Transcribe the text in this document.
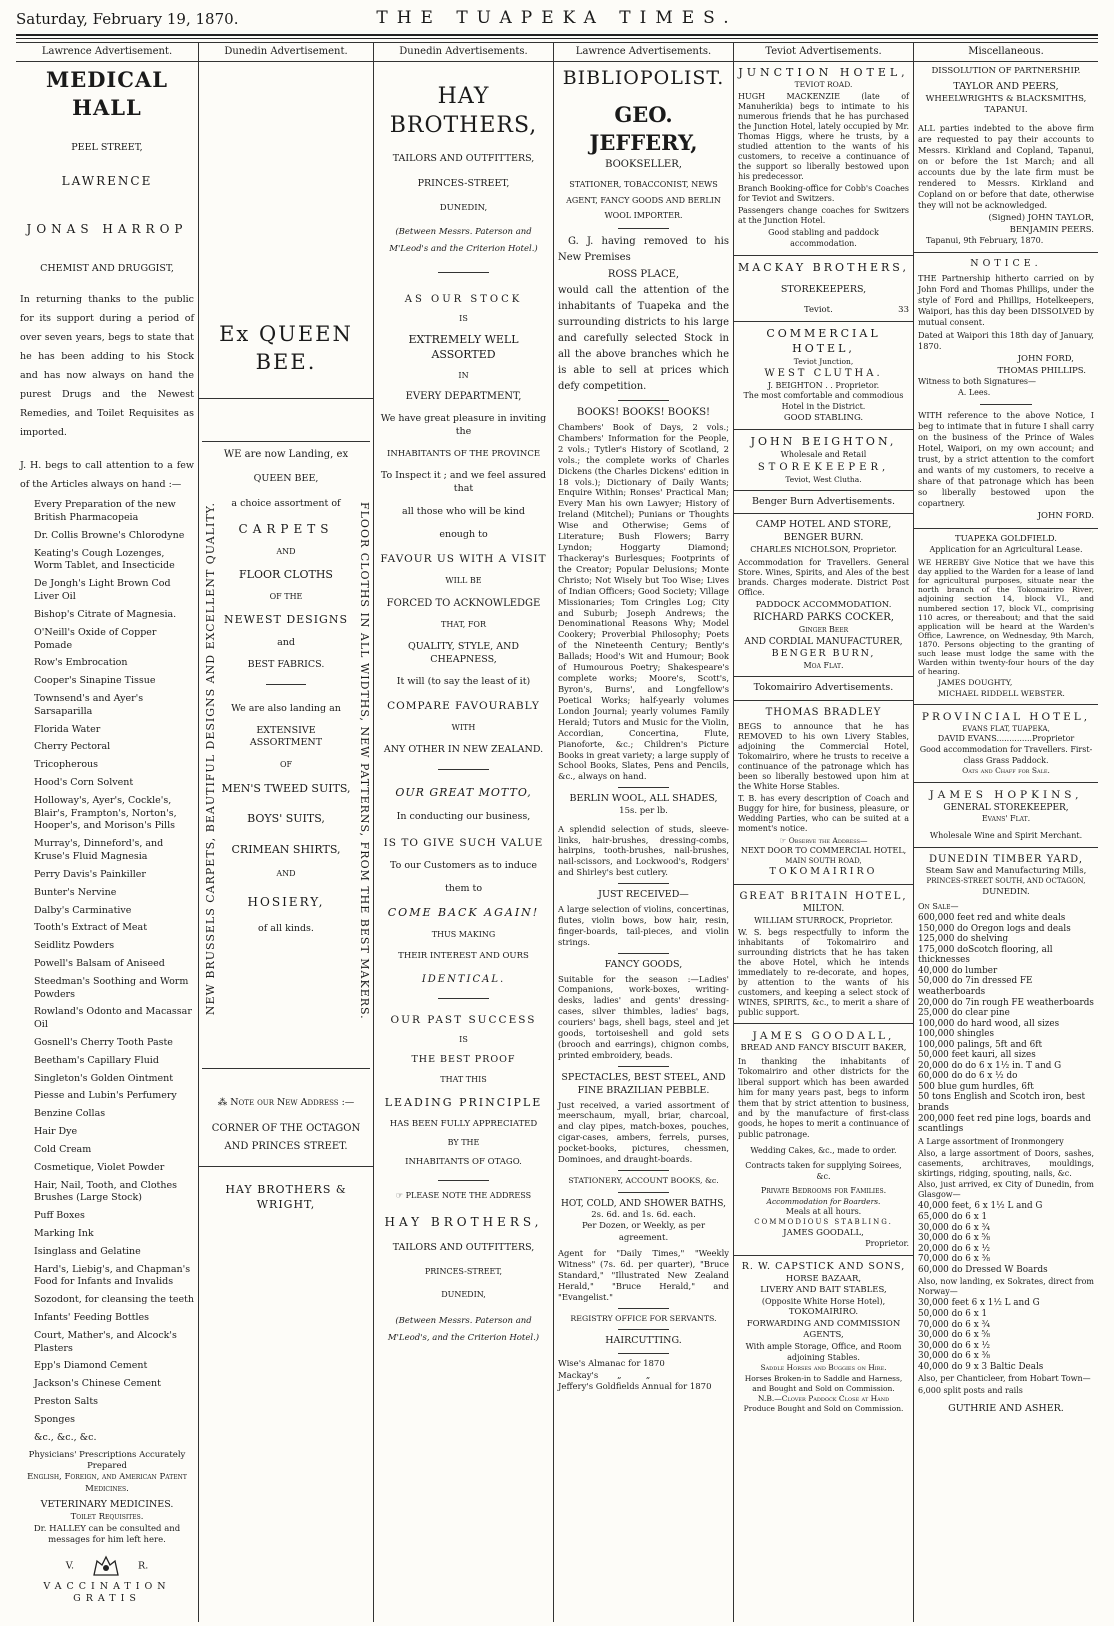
Saturday, February 19, 1870.	THE TUAPEKA TIMES.
Lawrence Advertisement.
MEDICAL HALL
PEEL STREET,
LAWRENCE
JONAS HARROP
CHEMIST AND DRUGGIST,

In returning thanks to the public for its support during a period of over seven years, begs to state that he has been adding to his Stock and has now always on hand the purest Drugs and the Newest Remedies, and Toilet Requisites as imported.

J. H. begs to call attention to a few of the Articles always on hand :—

Every Preparation of the new British Pharmacopeia
Dr. Collis Browne's Chlorodyne
Keating's Cough Lozenges, Worm Tablet, and Insecticide
De Jongh's Light Brown Cod Liver Oil
Bishop's Citrate of Magnesia.
O'Neill's Oxide of Copper Pomade
Row's Embrocation
Cooper's Sinapine Tissue
Townsend's and Ayer's Sarsaparilla
Florida Water
Cherry Pectoral
Tricopherous
Hood's Corn Solvent
Holloway's, Ayer's, Cockle's, Blair's, Frampton's, Norton's, Hooper's, and Morison's Pills
Murray's, Dinneford's, and Kruse's Fluid Magnesia
Perry Davis's Painkiller
Bunter's Nervine
Dalby's Carminative
Tooth's Extract of Meat
Seidlitz Powders
Powell's Balsam of Aniseed
Steedman's Soothing and Worm Powders
Rowland's Odonto and Macassar Oil
Gosnell's Cherry Tooth Paste
Beetham's Capillary Fluid
Singleton's Golden Ointment
Piesse and Lubin's Perfumery
Benzine Collas
Hair Dye
Cold Cream
Cosmetique, Violet Powder
Hair, Nail, Tooth, and Clothes Brushes (Large Stock)
Puff Boxes
Marking Ink
Isinglass and Gelatine
Hard's, Liebig's, and Chapman's Food for Infants and Invalids
Sozodont, for cleansing the teeth
Infants' Feeding Bottles
Court, Mather's, and Alcock's Plasters
Epp's Diamond Cement
Jackson's Chinese Cement
Preston Salts
Sponges
&c., &c., &c.
Physicians' Prescriptions Accurately Prepared
English, Foreign, and American Patent Medicines.
VETERINARY MEDICINES.
Toilet Requisites.
Dr. HALLEY can be consulted and messages for him left here.
V.	R.
VACCINATION GRATIS
Dunedin Advertisement.
Ex QUEEN BEE.
NEW BRUSSELS CARPETS, BEAUTIFUL DESIGNS AND EXCELLENT QUALITY.	FLOOR CLOTHS IN ALL WIDTHS, NEW PATTERNS, FROM THE BEST MAKERS.
WE are now Landing, ex
QUEEN BEE,
a choice assortment of
CARPETS
AND
FLOOR CLOTHS
OF THE
NEWEST DESIGNS
and
BEST FABRICS.
We are also landing an
EXTENSIVE ASSORTMENT
OF
MEN'S TWEED SUITS,
BOYS' SUITS,
CRIMEAN SHIRTS,
AND
HOSIERY,
of all kinds.
⁂ Note our New Address :—
CORNER OF THE OCTAGON AND PRINCES STREET.
HAY BROTHERS & WRIGHT,
Dunedin Advertisements.
HAY BROTHERS,
TAILORS AND OUTFITTERS,
PRINCES-STREET,
DUNEDIN,
(Between Messrs. Paterson and M'Leod's and the Criterion Hotel.)
AS OUR STOCK
IS
EXTREMELY WELL ASSORTED
IN
EVERY DEPARTMENT,
We have great pleasure in inviting the
INHABITANTS OF THE PROVINCE
To Inspect it ; and we feel assured that
all those who will be kind
enough to
FAVOUR US WITH A VISIT
WILL BE
FORCED TO ACKNOWLEDGE
THAT, FOR
QUALITY, STYLE, AND CHEAPNESS,
It will (to say the least of it)
COMPARE FAVOURABLY
WITH
ANY OTHER IN NEW ZEALAND.
OUR GREAT MOTTO,
In conducting our business,
IS TO GIVE SUCH VALUE
To our Customers as to induce
them to
COME BACK AGAIN!
THUS MAKING
THEIR INTEREST AND OURS
IDENTICAL.
OUR PAST SUCCESS
IS
THE BEST PROOF
THAT THIS
LEADING PRINCIPLE
HAS BEEN FULLY APPRECIATED
BY THE
INHABITANTS OF OTAGO.
☞ PLEASE NOTE THE ADDRESS
HAY BROTHERS,
TAILORS AND OUTFITTERS,
PRINCES-STREET,
DUNEDIN,
(Between Messrs. Paterson and M'Leod's, and the Criterion Hotel.)
Lawrence Advertisements.
BIBLIOPOLIST.
GEO. JEFFERY,
BOOKSELLER,
STATIONER, TOBACCONIST, NEWS AGENT, FANCY GOODS AND BERLIN WOOL IMPORTER.

G. J. having removed to his New Premises

ROSS PLACE,

would call the attention of the inhabitants of Tuapeka and the surrounding districts to his large and carefully selected Stock in all the above branches which he is able to sell at prices which defy competition.

BOOKS! BOOKS! BOOKS!

Chambers' Book of Days, 2 vols.; Chambers' Information for the People, 2 vols.; Tytler's History of Scotland, 2 vols.; the complete works of Charles Dickens (the Charles Dickens' edition in 18 vols.); Dictionary of Daily Wants; Enquire Within; Ronses' Practical Man; Every Man his own Lawyer; History of Ireland (Mitchel); Punians or Thoughts Wise and Otherwise; Gems of Literature; Bush Flowers; Barry Lyndon; Hoggarty Diamond; Thackeray's Burlesques; Footprints of the Creator; Popular Delusions; Monte Christo; Not Wisely but Too Wise; Lives of Indian Officers; Good Society; Village Missionaries; Tom Cringles Log; City and Suburb; Joseph Andrews; the Denominational Reasons Why; Model Cookery; Proverbial Philosophy; Poets of the Nineteenth Century; Bently's Ballads; Hood's Wit and Humour; Book of Humourous Poetry; Shakespeare's complete works; Moore's, Scott's, Byron's, Burns', and Longfellow's Poetical Works; half-yearly volumes London Journal; yearly volumes Family Herald; Tutors and Music for the Violin, Accordian, Concertina, Flute, Pianoforte, &c.; Children's Picture Books in great variety; a large supply of School Books, Slates, Pens and Pencils, &c., always on hand.

BERLIN WOOL, ALL SHADES,
15s. per lb.

A splendid selection of studs, sleeve-links, hair-brushes, dressing-combs, hairpins, tooth-brushes, nail-brushes, nail-scissors, and Lockwood's, Rodgers' and Shirley's best cutlery.

JUST RECEIVED—

A large selection of violins, concertinas, flutes, violin bows, bow hair, resin, finger-boards, tail-pieces, and violin strings.

FANCY GOODS,

Suitable for the season :—Ladies' Companions, work-boxes, writing-desks, ladies' and gents' dressing-cases, silver thimbles, ladies' bags, couriers' bags, shell bags, steel and jet goods, tortoiseshell and gold sets (brooch and earrings), chignon combs, printed embroidery, beads.

SPECTACLES, BEST STEEL, AND FINE BRAZILIAN PEBBLE.

Just received, a varied assortment of meerschaum, myall, briar, charcoal, and clay pipes, match-boxes, pouches, cigar-cases, ambers, ferrels, purses, pocket-books, pictures, chessmen, Dominoes, and draught-boards.

STATIONERY, ACCOUNT BOOKS, &c.
HOT, COLD, AND SHOWER BATHS,
2s. 6d. and 1s. 6d. each.
Per Dozen, or Weekly, as per agreement.

Agent for "Daily Times," "Weekly Witness" (7s. 6d. per quarter), "Bruce Standard," "Illustrated New Zealand Herald," "Bruce Herald," and "Evangelist."

REGISTRY OFFICE FOR SERVANTS.
HAIRCUTTING.
Wise's Almanac for 1870
Mackay's       „         „
Jeffery's Goldfields Annual for 1870
Teviot Advertisements.
JUNCTION HOTEL,
TEVIOT ROAD.

HUGH MACKENZIE (late of Manuherikia) begs to intimate to his numerous friends that he has purchased the Junction Hotel, lately occupied by Mr. Thomas Higgs, where he trusts, by a studied attention to the wants of his customers, to receive a continuance of the support so liberally bestowed upon his predecessor.

Branch Booking-office for Cobb's Coaches for Teviot and Switzers.

Passengers change coaches for Switzers at the Junction Hotel.

Good stabling and paddock accommodation.
MACKAY BROTHERS,
STOREKEEPERS,
Teviot.	33
COMMERCIAL HOTEL,
Teviot Junction,
WEST CLUTHA.
J. BEIGHTON . . Proprietor.
The most comfortable and commodious Hotel in the District.
GOOD STABLING.
JOHN BEIGHTON,
Wholesale and Retail
STOREKEEPER,
Teviot, West Clutha.
Benger Burn Advertisements.
CAMP HOTEL AND STORE, BENGER BURN.
CHARLES NICHOLSON, Proprietor.

Accommodation for Travellers. General Store. Wines, Spirits, and Ales of the best brands. Charges moderate. District Post Office.

PADDOCK ACCOMMODATION.
RICHARD PARKS COCKER,
Ginger Beer
AND CORDIAL MANUFACTURER,
BENGER BURN,
Moa Flat.
Tokomairiro Advertisements.
THOMAS BRADLEY

BEGS to announce that he has REMOVED to his own Livery Stables, adjoining the Commercial Hotel, Tokomairiro, where he trusts to receive a continuance of the patronage which has been so liberally bestowed upon him at the White Horse Stables.

T. B. has every description of Coach and Buggy for hire, for business, pleasure, or Wedding Parties, who can be suited at a moment's notice.

☞ Observe the Address—
NEXT DOOR TO COMMERCIAL HOTEL,
MAIN SOUTH ROAD,
TOKOMAIRIRO
GREAT BRITAIN HOTEL,
MILTON.
WILLIAM STURROCK, Proprietor.

W. S. begs respectfully to inform the inhabitants of Tokomairiro and surrounding districts that he has taken the above Hotel, which he intends immediately to re-decorate, and hopes, by attention to the wants of his customers, and keeping a select stock of WINES, SPIRITS, &c., to merit a share of public support.

JAMES GOODALL,
BREAD AND FANCY BISCUIT BAKER,

In thanking the inhabitants of Tokomairiro and other districts for the liberal support which has been awarded him for many years past, begs to inform them that by strict attention to business, and by the manufacture of first-class goods, he hopes to merit a continuance of public patronage.

Wedding Cakes, &c., made to order.
Contracts taken for supplying Soirees, &c.
Private Bedrooms for Families.
Accommodation for Boarders.
Meals at all hours.
COMMODIOUS STABLING.
JAMES GOODALL,
Proprietor.
R. W. CAPSTICK AND SONS,
HORSE BAZAAR,
LIVERY AND BAIT STABLES,
(Opposite White Horse Hotel),
TOKOMAIRIRO.
FORWARDING AND COMMISSION AGENTS,
With ample Storage, Office, and Room adjoining Stables.
Saddle Horses and Buggies on Hire.
Horses Broken-in to Saddle and Harness, and Bought and Sold on Commission.
N.B.—Clover Paddock Close at Hand
Produce Bought and Sold on Commission.
Miscellaneous.
DISSOLUTION OF PARTNERSHIP.
TAYLOR AND PEERS,
WHEELWRIGHTS & BLACKSMITHS,
TAPANUI.

ALL parties indebted to the above firm are requested to pay their accounts to Messrs. Kirkland and Copland, Tapanui, on or before the 1st March; and all accounts due by the late firm must be rendered to Messrs. Kirkland and Copland on or before that date, otherwise they will not be acknowledged.

(Signed) JOHN TAYLOR,
BENJAMIN PEERS.
Tapanui, 9th February, 1870.
NOTICE.

THE Partnership hitherto carried on by John Ford and Thomas Phillips, under the style of Ford and Phillips, Hotelkeepers, Waipori, has this day been DISSOLVED by mutual consent.

Dated at Waipori this 18th day of January, 1870.

JOHN FORD,
THOMAS PHILLIPS.
Witness to both Signatures—
A. Lees.

WITH reference to the above Notice, I beg to intimate that in future I shall carry on the business of the Prince of Wales Hotel, Waipori, on my own account; and trust, by a strict attention to the comfort and wants of my customers, to receive a share of that patronage which has been so liberally bestowed upon the copartnery.

JOHN FORD.
TUAPEKA GOLDFIELD.
Application for an Agricultural Lease.

WE HEREBY Give Notice that we have this day applied to the Warden for a lease of land for agricultural purposes, situate near the north branch of the Tokomairiro River, adjoining section 14, block VI., and numbered section 17, block VI., comprising 110 acres, or thereabout; and that the said application will be heard at the Warden's Office, Lawrence, on Wednesday, 9th March, 1870. Persons objecting to the granting of such lease must lodge the same with the Warden within twenty-four hours of the day of hearing.

JAMES DOUGHTY,
MICHAEL RIDDELL WEBSTER.
PROVINCIAL HOTEL,
EVANS FLAT, TUAPEKA,
DAVID EVANS..............Proprietor
Good accommodation for Travellers. First-class Grass Paddock.
Oats and Chaff for Sale.
JAMES HOPKINS,
GENERAL STOREKEEPER,
Evans' Flat.
Wholesale Wine and Spirit Merchant.
DUNEDIN TIMBER YARD,
Steam Saw and Manufacturing Mills,
PRINCES-STREET SOUTH, AND OCTAGON,
DUNEDIN.
On Sale—
600,000 feet red and white deals
150,000 do Oregon logs and deals
125,000 do shelving
175,000 doScotch flooring, all thicknesses
40,000 do lumber
50,000 do 7in dressed FE weatherboards
20,000 do 7in rough FE weatherboards
25,000 do clear pine
100,000 do hard wood, all sizes
100,000 shingles
100,000 palings, 5ft and 6ft
50,000 feet kauri, all sizes
20,000 do do 6 x 1½ in. T and G
60,000 do do 6 x ½ do
500 blue gum hurdles, 6ft
50 tons English and Scotch iron, best brands
200,000 feet red pine logs, boards and scantlings
A Large assortment of Ironmongery

Also, a large assortment of Doors, sashes, casements, architraves, mouldings, skirtings, ridging, spouting, nails, &c.

Also, just arrived, ex City of Dunedin, from Glasgow—

40,000 feet, 6 x 1½ L and G
65,000 do 6 x 1
30,000 do 6 x ¾
30,000 do 6 x ⅝
20,000 do 6 x ½
70,000 do 6 x ⅜
60,000 do Dressed W Boards

Also, now landing, ex Sokrates, direct from Norway—

30,000 feet 6 x 1½ L and G
50,000 do 6 x 1
70,000 do 6 x ¾
30,000 do 6 x ⅝
30,000 do 6 x ½
30,000 do 6 x ⅜
40,000 do 9 x 3 Baltic Deals

Also, per Chanticleer, from Hobart Town—

6,000 split posts and rails
GUTHRIE AND ASHER.
